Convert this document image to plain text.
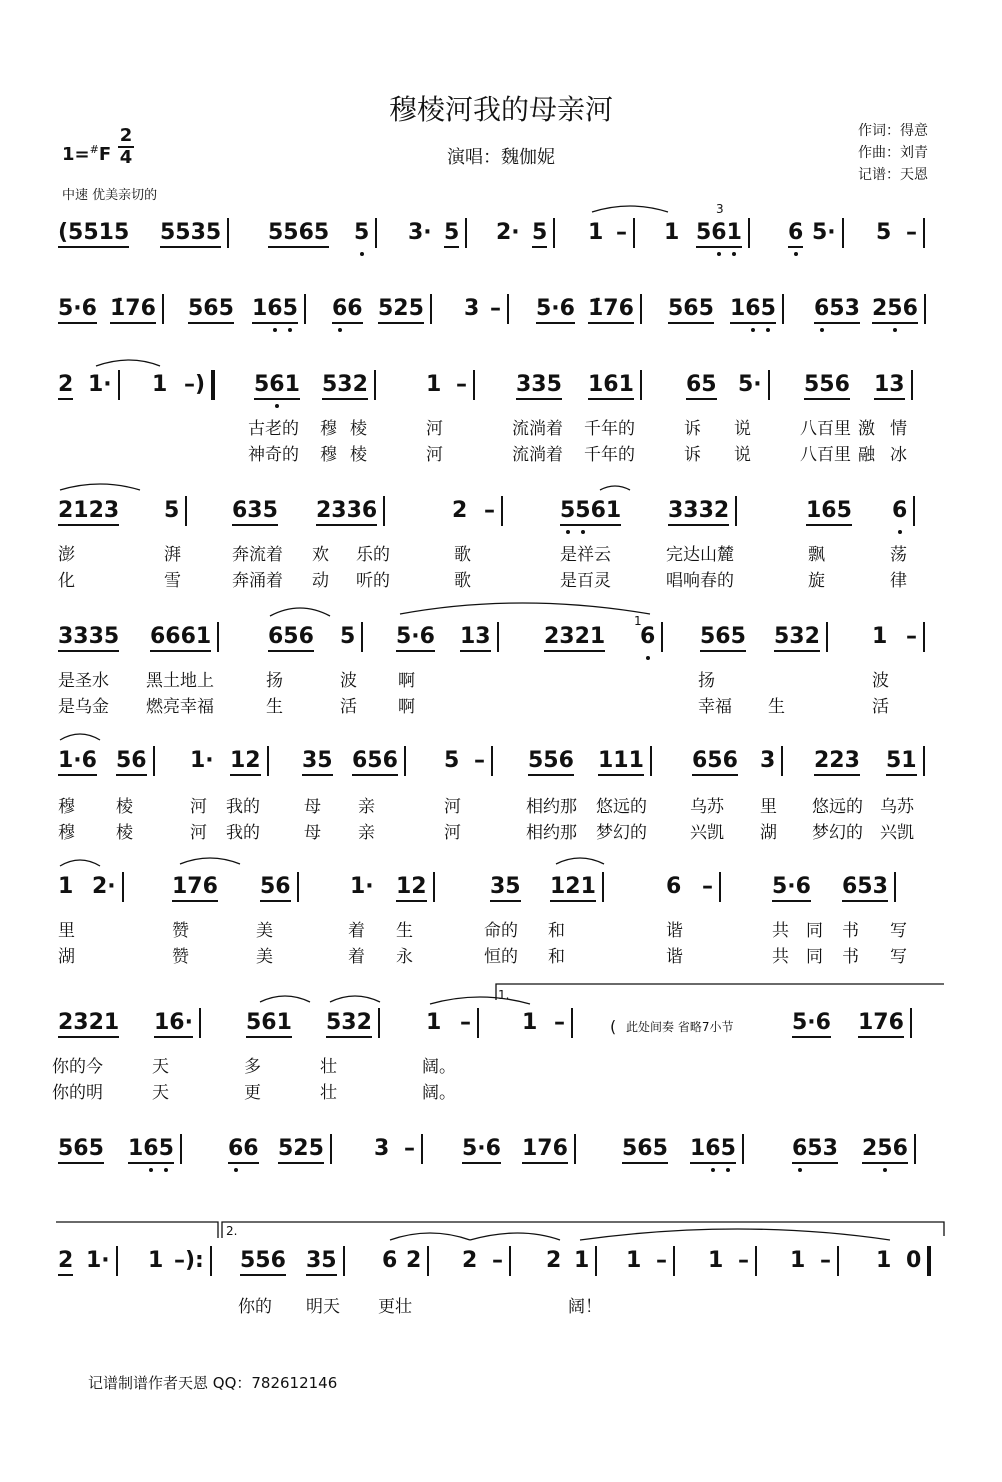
穆棱河我的母亲河
演唱：魏伽妮
作词：得意
作曲：刘青
记谱：天恩
1=#F
2
4
中速 优美亲切的
(5515 5535 5565 5 3· 5 2· 5 1 – 1 561 6 5· 5 –
5·6 1̇76 565 165 66 525 3 – 5·6 1̇76 565 165 653 256
2 1· 1 –) 561 532	1 – 335 161 65 5· 556 13
2123 5 635 2336	2 –	5561 3332	165 6
3335 6661	656 5 5·6 13 2321 6 565 532 1 –
1·6 56 1· 12 35 656 5 – 556 111 656 3 223 51
1 2·	176 56	1· 12	35 121	6 –	5·6 653
2321 16· 561 532 1 – 1 –	5·6 176
565 165 66 525 3 – 5·6 176 565 165	653 256
2 1· 1 –): 556 35 6 2 2 – 2 1 1 – 1 – 1 – 1 0
古老的 穆 棱	河	流淌着 千年的	诉 说	八百里 激 情
神奇的 穆 棱	河	流淌着 千年的	诉 说	八百里 融 冰
澎	湃	奔流着 欢 乐的	歌	是祥云	完达山麓	飘	荡
化	雪	奔涌着 动 听的	歌	是百灵	唱响春的	旋	律
是圣水 黑土地上	扬	波 啊	扬	波
是乌金 燃亮幸福	生	活 啊	幸福 生	活
穆 棱	河 我的	母 亲	河	相约那 悠远的	乌苏 里 悠远的 乌苏
穆 棱	河 我的	母 亲	河	相约那 梦幻的	兴凯 湖 梦幻的 兴凯
里	赞	美	着 生	命的 和	谐	共 同 书 写
湖	赞	美	着 永	恒的 和	谐	共 同 书 写
你的今	天	多	壮	阔。
你的明	天	更	壮	阔。
你的 明天 更壮	阔！
1.
2.
3
1
( 此处间奏 省略7小节
记谱制谱作者天恩 QQ：782612146
